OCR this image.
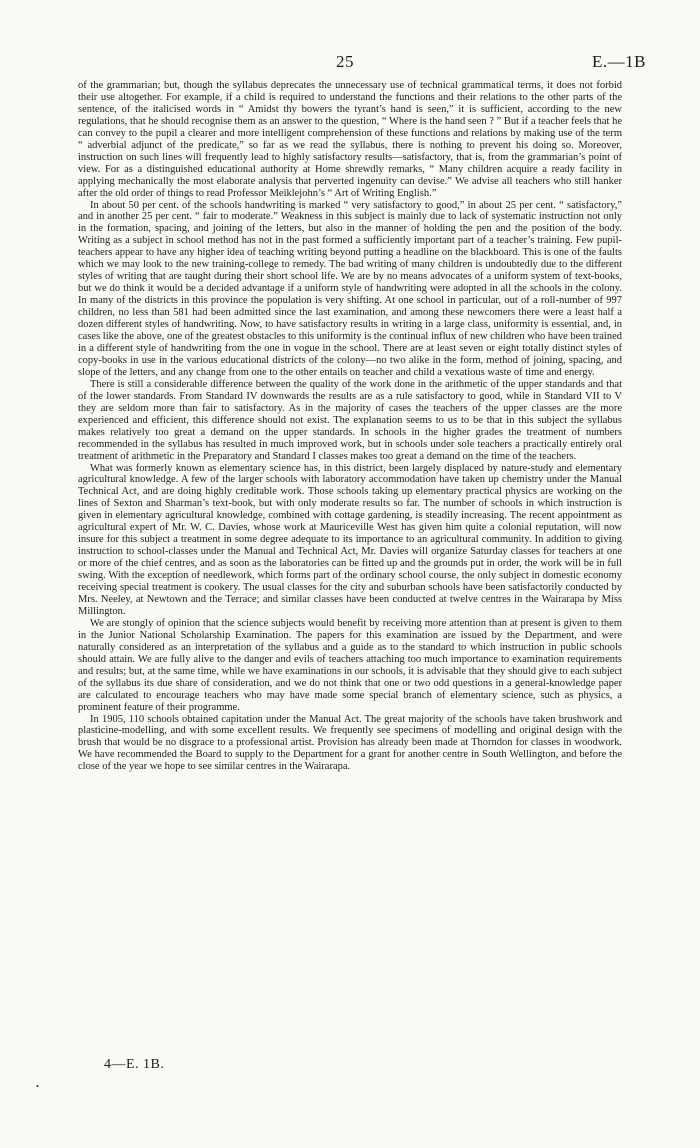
25	E.—1B

of the grammarian; but, though the syllabus deprecates the unnecessary use of technical grammatical terms, it does not forbid their use altogether. For example, if a child is required to understand the functions and their relations to the other parts of the sentence, of the italicised words in “ Amidst thy bowers the tyrant’s hand is seen,” it is sufficient, according to the new regulations, that he should recognise them as an answer to the question, “ Where is the hand seen ? ” But if a teacher feels that he can convey to the pupil a clearer and more intelligent comprehension of these functions and relations by making use of the term “ adverbial adjunct of the predicate,” so far as we read the syllabus, there is nothing to prevent his doing so. Moreover, instruction on such lines will frequently lead to highly satisfactory results—satisfactory, that is, from the grammarian’s point of view. For as a distinguished educational authority at Home shrewdly remarks, “ Many children acquire a ready facility in applying mechanically the most elaborate analysis that perverted ingenuity can devise.” We advise all teachers who still hanker after the old order of things to read Professor Meiklejohn’s “ Art of Writing English.”

In about 50 per cent. of the schools handwriting is marked “ very satisfactory to good,” in about 25 per cent. “ satisfactory,” and in another 25 per cent. “ fair to moderate.” Weakness in this subject is mainly due to lack of systematic instruction not only in the formation, spacing, and joining of the letters, but also in the manner of holding the pen and the position of the body. Writing as a subject in school method has not in the past formed a sufficiently important part of a teacher’s training. Few pupil-teachers appear to have any higher idea of teaching writing beyond putting a headline on the blackboard. This is one of the faults which we may look to the new training-college to remedy. The bad writing of many children is undoubtedly due to the different styles of writing that are taught during their short school life. We are by no means advocates of a uniform system of text-books, but we do think it would be a decided advantage if a uniform style of handwriting were adopted in all the schools in the colony. In many of the districts in this province the population is very shifting. At one school in particular, out of a roll-number of 997 children, no less than 581 had been admitted since the last examination, and among these newcomers there were a least half a dozen different styles of handwriting. Now, to have satisfactory results in writing in a large class, uniformity is essential, and, in cases like the above, one of the greatest obstacles to this uniformity is the continual influx of new children who have been trained in a different style of handwriting from the one in vogue in the school. There are at least seven or eight totally distinct styles of copy-books in use in the various educational districts of the colony—no two alike in the form, method of joining, spacing, and slope of the letters, and any change from one to the other entails on teacher and child a vexatious waste of time and energy.

There is still a considerable difference between the quality of the work done in the arithmetic of the upper standards and that of the lower standards. From Standard IV downwards the results are as a rule satisfactory to good, while in Standard VII to V they are seldom more than fair to satisfactory. As in the majority of cases the teachers of the upper classes are the more experienced and efficient, this difference should not exist. The explanation seems to us to be that in this subject the syllabus makes relatively too great a demand on the upper standards. In schools in the higher grades the treatment of numbers recommended in the syllabus has resulted in much improved work, but in schools under sole teachers a practically entirely oral treatment of arithmetic in the Preparatory and Standard I classes makes too great a demand on the time of the teachers.

What was formerly known as elementary science has, in this district, been largely displaced by nature-study and elementary agricultural knowledge. A few of the larger schools with laboratory accommodation have taken up chemistry under the Manual Technical Act, and are doing highly creditable work. Those schools taking up elementary practical physics are working on the lines of Sexton and Sharman’s text-book, but with only moderate results so far. The number of schools in which instruction is given in elementary agricultural knowledge, combined with cottage gardening, is steadily increasing. The recent appointment as agricultural expert of Mr. W. C. Davies, whose work at Mauriceville West has given him quite a colonial reputation, will now insure for this subject a treatment in some degree adequate to its importance to an agricultural community. In addition to giving instruction to school-classes under the Manual and Technical Act, Mr. Davies will organize Saturday classes for teachers at one or more of the chief centres, and as soon as the laboratories can be fitted up and the grounds put in order, the work will be in full swing. With the exception of needlework, which forms part of the ordinary school course, the only subject in domestic economy receiving special treatment is cookery. The usual classes for the city and suburban schools have been satisfactorily conducted by Mrs. Neeley, at Newtown and the Terrace; and similar classes have been conducted at twelve centres in the Wairarapa by Miss Millington.

We are stongly of opinion that the science subjects would benefit by receiving more attention than at present is given to them in the Junior National Scholarship Examination. The papers for this examination are issued by the Department, and were naturally considered as an interpretation of the syllabus and a guide as to the standard to which instruction in public schools should attain. We are fully alive to the danger and evils of teachers attaching too much importance to examination requirements and results; but, at the same time, while we have examinations in our schools, it is advisable that they should give to each subject of the syllabus its due share of consideration, and we do not think that one or two odd questions in a general-knowledge paper are calculated to encourage teachers who may have made some special branch of elementary science, such as physics, a prominent feature of their programme.

In 1905, 110 schools obtained capitation under the Manual Act. The great majority of the schools have taken brushwork and plasticine-modelling, and with some excellent results. We frequently see specimens of modelling and original design with the brush that would be no disgrace to a professional artist. Provision has already been made at Thorndon for classes in woodwork. We have recommended the Board to supply to the Department for a grant for another centre in South Wellington, and before the close of the year we hope to see similar centres in the Wairarapa.

4—E. 1B.
•
